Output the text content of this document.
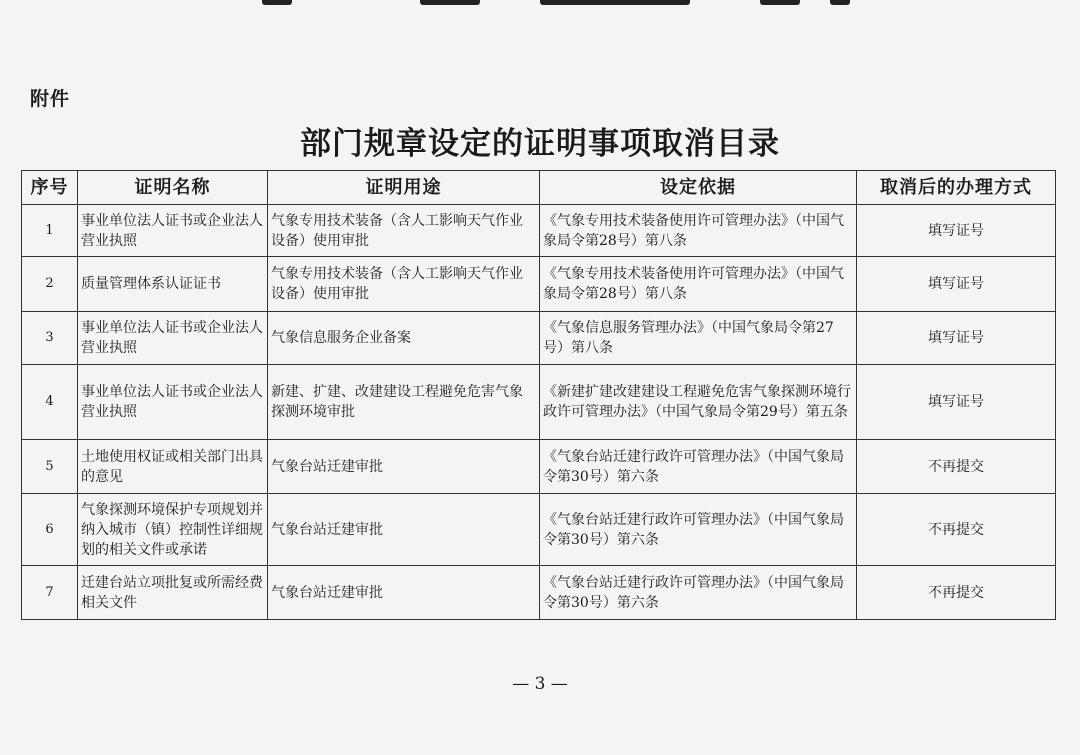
附件
部门规章设定的证明事项取消目录
序号	证明名称	证明用途	设定依据	取消后的办理方式
1	事业单位法人证书或企业法人营业执照	气象专用技术装备（含人工影响天气作业设备）使用审批	《气象专用技术装备使用许可管理办法》（中国气象局令第28号）第八条	填写证号
2	质量管理体系认证证书	气象专用技术装备（含人工影响天气作业设备）使用审批	《气象专用技术装备使用许可管理办法》（中国气象局令第28号）第八条	填写证号
3	事业单位法人证书或企业法人营业执照	气象信息服务企业备案	《气象信息服务管理办法》（中国气象局令第27号）第八条	填写证号
4	事业单位法人证书或企业法人营业执照	新建、扩建、改建建设工程避免危害气象探测环境审批	《新建扩建改建建设工程避免危害气象探测环境行政许可管理办法》（中国气象局令第29号）第五条	填写证号
5	土地使用权证或相关部门出具的意见	气象台站迁建审批	《气象台站迁建行政许可管理办法》（中国气象局令第30号）第六条	不再提交
6	气象探测环境保护专项规划并纳入城市（镇）控制性详细规划的相关文件或承诺	气象台站迁建审批	《气象台站迁建行政许可管理办法》（中国气象局令第30号）第六条	不再提交
7	迁建台站立项批复或所需经费相关文件	气象台站迁建审批	《气象台站迁建行政许可管理办法》（中国气象局令第30号）第六条	不再提交
— 3 —
